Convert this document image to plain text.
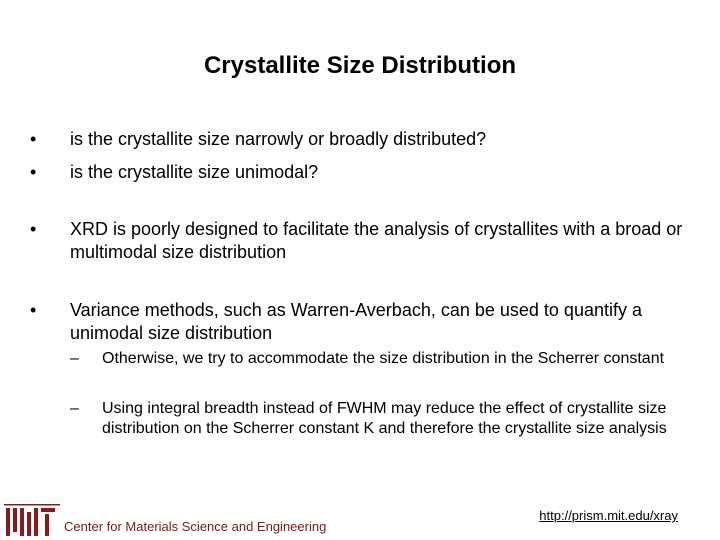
Crystallite Size Distribution
• is the crystallite size narrowly or broadly distributed?
• is the crystallite size unimodal?
• XRD is poorly designed to facilitate the analysis of crystallites with a broad or multimodal size distribution
• Variance methods, such as Warren-Averbach, can be used to quantify a unimodal size distribution
– Otherwise, we try to accommodate the size distribution in the Scherrer constant
– Using integral breadth instead of FWHM may reduce the effect of crystallite size distribution on the Scherrer constant K and therefore the crystallite size analysis
Center for Materials Science and Engineering
http://prism.mit.edu/xray
